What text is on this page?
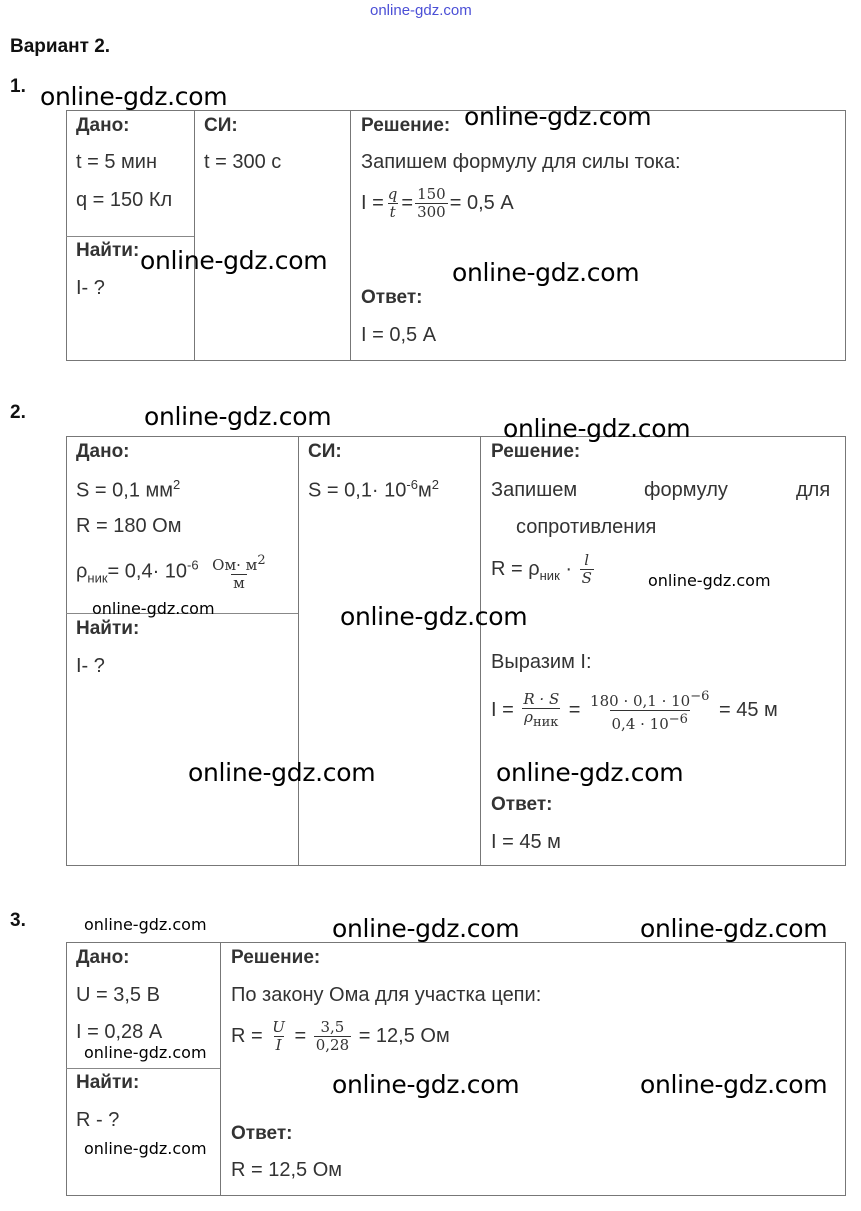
online-gdz.com
Вариант 2.
1.
Дано:
t = 5 мин
q = 150 Кл
Найти:
I- ?
СИ:
t = 300 с
Решение:
Запишем формулу для силы тока:
$I = \frac{q}{t} = \frac{150}{300} = 0,5$ А
Ответ:
I = 0,5 А
2.
Дано:
S = 0,1 $мм^2$
R = 180 Ом
$\rho_{ник}= 0,4\cdot 10^{-6} \frac{Ом\cdot м^2}{м}$
Найти:
I- ?
СИ:
$S = 0,1\cdot 10^{-6}м^2$
Решение:
Запишем	формулу	для
сопротивления
$R = \rho_{ник} \cdot \frac{l}{S}$
Выразим I:
$I = \frac{R \cdot S}{\rho_{ник}} = \frac{180 \cdot 0,1 \cdot 10^{-6}}{0,4 \cdot 10^{-6}} = 45$ м
Ответ:
I = 45 м
3.
Дано:
U = 3,5 В
I = 0,28 А
Найти:
R - ?
Решение:
По закону Ома для участка цепи:
$R = \frac{U}{I} = \frac{3,5}{0,28} = 12,5$ Ом
Ответ:
R = 12,5 Ом
online-gdz.com
online-gdz.com
online-gdz.com	online-gdz.com
online-gdz.com	online-gdz.com
online-gdz.com
online-gdz.com	online-gdz.com
online-gdz.com	online-gdz.com
online-gdz.com	online-gdz.com	online-gdz.com
online-gdz.com
online-gdz.com	online-gdz.com
online-gdz.com
